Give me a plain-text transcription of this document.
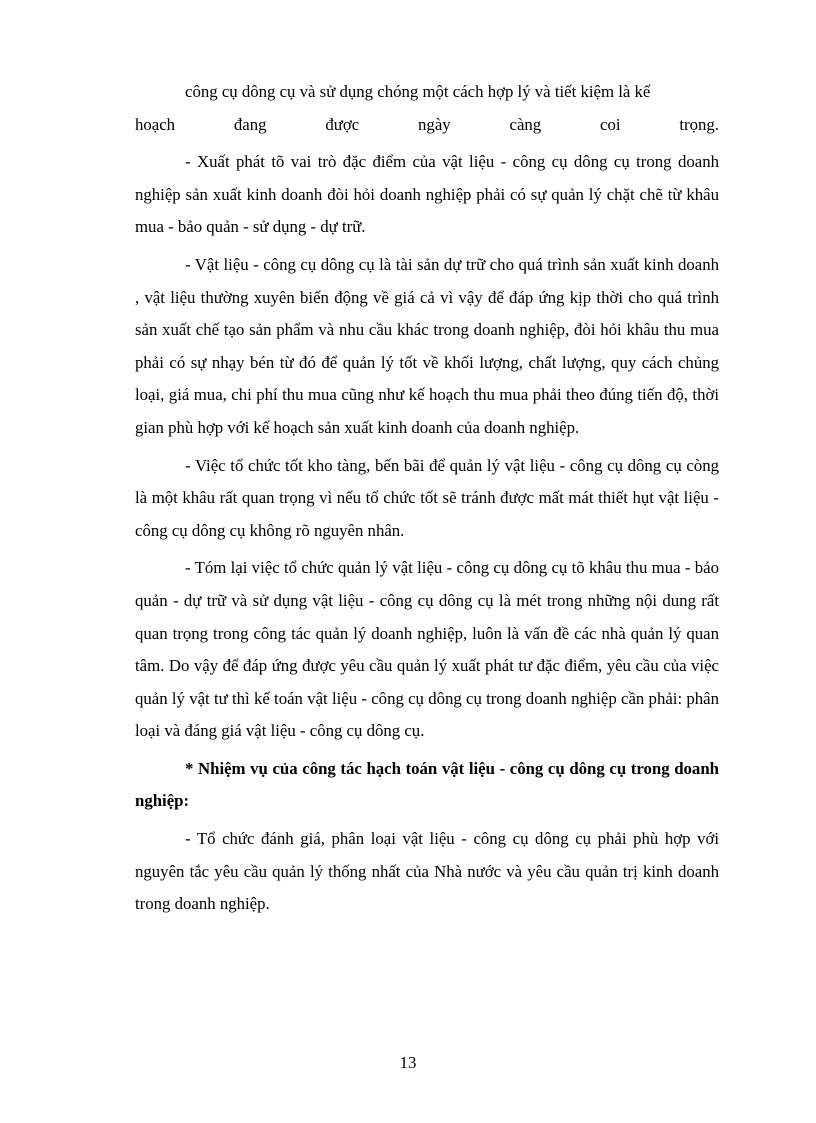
công cụ dông cụ và sử dụng chóng một cách hợp lý và tiết kiệm là kế
hoạch đang được ngày càng coi trọng.

- Xuất phát tõ vai trò đặc điểm của vật liệu - công cụ dông cụ trong doanh nghiệp sản xuất kinh doanh đòi hỏi doanh nghiệp phải có sự quản lý chặt chẽ từ khâu mua - bảo quản - sử dụng - dự trữ.

- Vật liệu - công cụ dông cụ là tài sản dự trữ cho quá trình sản xuất kinh doanh , vật liệu thường xuyên biến động về giá cả vì vậy để đáp ứng kịp thời cho quá trình sản xuất chế tạo sản phẩm và nhu cầu khác trong doanh nghiệp, đòi hỏi khâu thu mua phải có sự nhạy bén từ đó để quản lý tốt về khối lượng, chất lượng, quy cách chủng loại, giá mua, chi phí thu mua cũng như kế hoạch thu mua phải theo đúng tiến độ, thời gian phù hợp với kế hoạch sản xuất kinh doanh của doanh nghiệp.

- Việc tổ chức tốt kho tàng, bến bãi để quản lý vật liệu - công cụ dông cụ còng là một khâu rất quan trọng vì nếu tổ chức tốt sẽ tránh được mất mát thiết hụt vật liệu - công cụ dông cụ không rõ nguyên nhân.

- Tóm lại việc tổ chức quản lý vật liệu - công cụ dông cụ tõ khâu thu mua - bảo quản - dự trữ và sử dụng vật liệu - công cụ dông cụ là mét trong những nội dung rất quan trọng trong công tác quản lý doanh nghiệp, luôn là vấn đề các nhà quản lý quan tâm. Do vậy để đáp ứng được yêu cầu quản lý xuất phát tư đặc điểm, yêu cầu của việc quản lý vật tư thì kế toán vật liệu - công cụ dông cụ trong doanh nghiệp cần phải: phân loại và đáng giá vật liệu - công cụ dông cụ.

* Nhiệm vụ của công tác hạch toán vật liệu - công cụ dông cụ trong doanh nghiệp:

- Tổ chức đánh giá, phân loại vật liệu - công cụ dông cụ phải phù hợp với nguyên tắc yêu cầu quản lý thống nhất của Nhà nước và yêu cầu quản trị kinh doanh trong doanh nghiệp.

13
